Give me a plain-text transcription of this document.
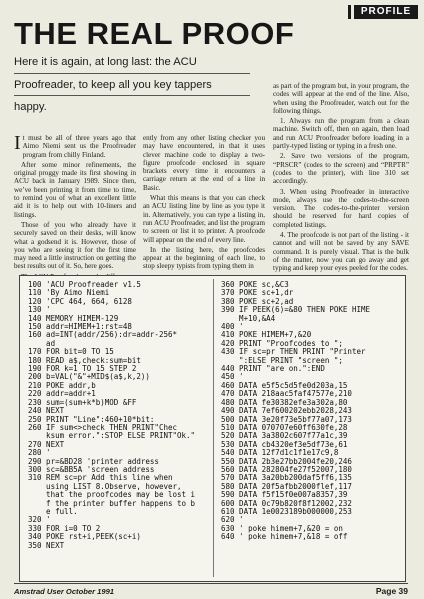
PROFILE
THE REAL PROOF
Here it is again, at long last: the ACU
Proofreader, to keep all you key tappers
happy.

It must be all of three years ago that Aimo Niemi sent us the Proofreader program from chilly Finland.

After some minor refinements, the original proggy made its first showing in ACU back in January 1989. Since then, we’ve been printing it from time to time, to remind you of what an excellent little aid it is to help out with 10-liners and listings.

Those of you who already have it securely saved on their desks, will know what a godsend it is. However, those of you who are seeing it for the first time may need a little instruction on getting the best results out of it. So, here goes.

ently from any other listing checker you may have encountered, in that it uses clever machine code to display a two-figure proofcode enclosed in square brackets every time it encounters a carriage return at the end of a line in Basic.

What this means is that you can check an ACU listing line by line as you type it in. Alternatively, you can type a listing in, run ACU Proofreader, and list the program to screen or list it to printer. A proofcode will appear on the end of every line.

In the listing here, the proofcodes appear at the beginning of each line, to stop sleepy typists from typing them in

as part of the program but, in your program, the codes will appear at the end of the line. Also, when using the Proofreader, watch out for the following things.

1. Always run the program from a clean machine. Switch off, then on again, then load and run ACU Proofreader before loading in a partly-typed listing or typing in a fresh one.

2. Save two versions of the program, “PRSCR” (codes to the screen) and “PRPTR” (codes to the printer), with line 310 set accordingly.

3. When using Proofreader in interactive mode, always use the codes-to-the-screen version. The codes-to-the-printer version should be reserved for hard copies of completed listings.

4. The proofcode is not part of the listing - it cannot and will not be saved by any SAVE command. It is purely visual. That is the bulk of the matter, now you can go away and get typing and keep your eyes peeled for the codes.

100 'ACU Proofreader v1.5
110 'By Aimo Niemi
120 'CPC 464, 664, 6128
130 '
140 MEMORY HIMEM-129
150 addr=HIMEM+1:rst=48
160 ad=INT(addr/256):dr=addr-256*
ad
170 FOR bit=0 TO 15
180 READ a$,check:sum=bit
190 FOR k=1 TO 15 STEP 2
200 b=VAL("&"+MID$(a$,k,2))
210 POKE addr,b
220 addr=addr+1
230 sum=(sum+k*b)MOD &FF
240 NEXT
250 PRINT "Line":460+10*bit:
260 IF sum<>check THEN PRINT"Chec
ksum error.":STOP ELSE PRINT"Ok."
270 NEXT
280 '
290 pr=&BD28 'printer address
300 sc=&BB5A 'screen address
310 REM sc=pr Add this line when
using LIST 8.Observe, however,
that the proofcodes may be lost i
f the printer buffer happens to b
e full.
320 '
330 FOR i=0 TO 2
340 POKE rst+i,PEEK(sc+i)
350 NEXT
360 POKE sc,&C3
370 POKE sc+1,dr
380 POKE sc+2,ad
390 IF PEEK(6)=&80 THEN POKE HIME
M+10,&A4
400 '
410 POKE HIMEM+7,&20
420 PRINT "Proofcodes to ";
430 IF sc=pr THEN PRINT "Printer
":ELSE PRINT "screen ";
440 PRINT "are on.":END
450 '
460 DATA e5f5c5d5fe0d203a,15
470 DATA 218aac5faf47577e,210
480 DATA fe30382efe3a302a,80
490 DATA 7ef600202ebb2028,243
500 DATA 3e20f73e5bf77a07,173
510 DATA 070707e60ff630fe,28
520 DATA 3a3802c607f77a1c,39
530 DATA cb4320ef3e5df73e,61
540 DATA 12f7d1c1f1e17c9,8
550 DATA 2b3e27bb2004fe20,246
560 DATA 282804fe27f52007,180
570 DATA 3a20bb200daf5ff6,135
580 DATA 20f5afbb2000flef,117
590 DATA f5f15f0e007a8357,39
600 DATA 0c79b820f8f12002,232
610 DATA 1e0023189b000000,253
620 '
630 ' poke himem+7,&20 = on
640 ' poke himem+7,&18 = off
Amstrad User October 1991	Page 39
